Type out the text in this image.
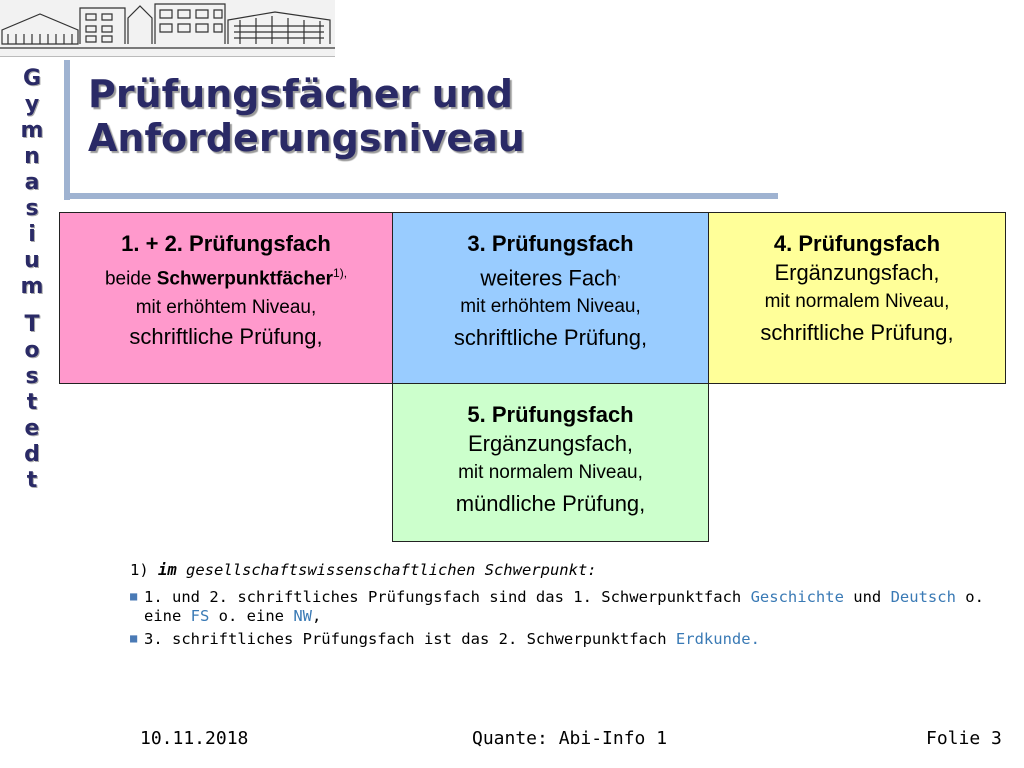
G
y
m
n
a
s
i
u
m
T
o
s
t
e
d
t
Prüfungsfächer und
Anforderungsniveau
1. + 2. Prüfungsfach
beide Schwerpunktfächer$^{1),}$
mit erhöhtem Niveau,
schriftliche Prüfung,
3. Prüfungsfach
weiteres Fach,
mit erhöhtem Niveau,
schriftliche Prüfung,
4. Prüfungsfach
Ergänzungsfach,
mit normalem Niveau,
schriftliche Prüfung,
5. Prüfungsfach
Ergänzungsfach,
mit normalem Niveau,
mündliche Prüfung,
1) im gesellschaftswissenschaftlichen Schwerpunkt:
■ 1. und 2. schriftliches Prüfungsfach sind das 1. Schwerpunktfach Geschichte und Deutsch o. eine FS o. eine NW,
■ 3. schriftliches Prüfungsfach ist das 2. Schwerpunktfach Erdkunde.
10.11.2018	Quante: Abi-Info 1	Folie 3
